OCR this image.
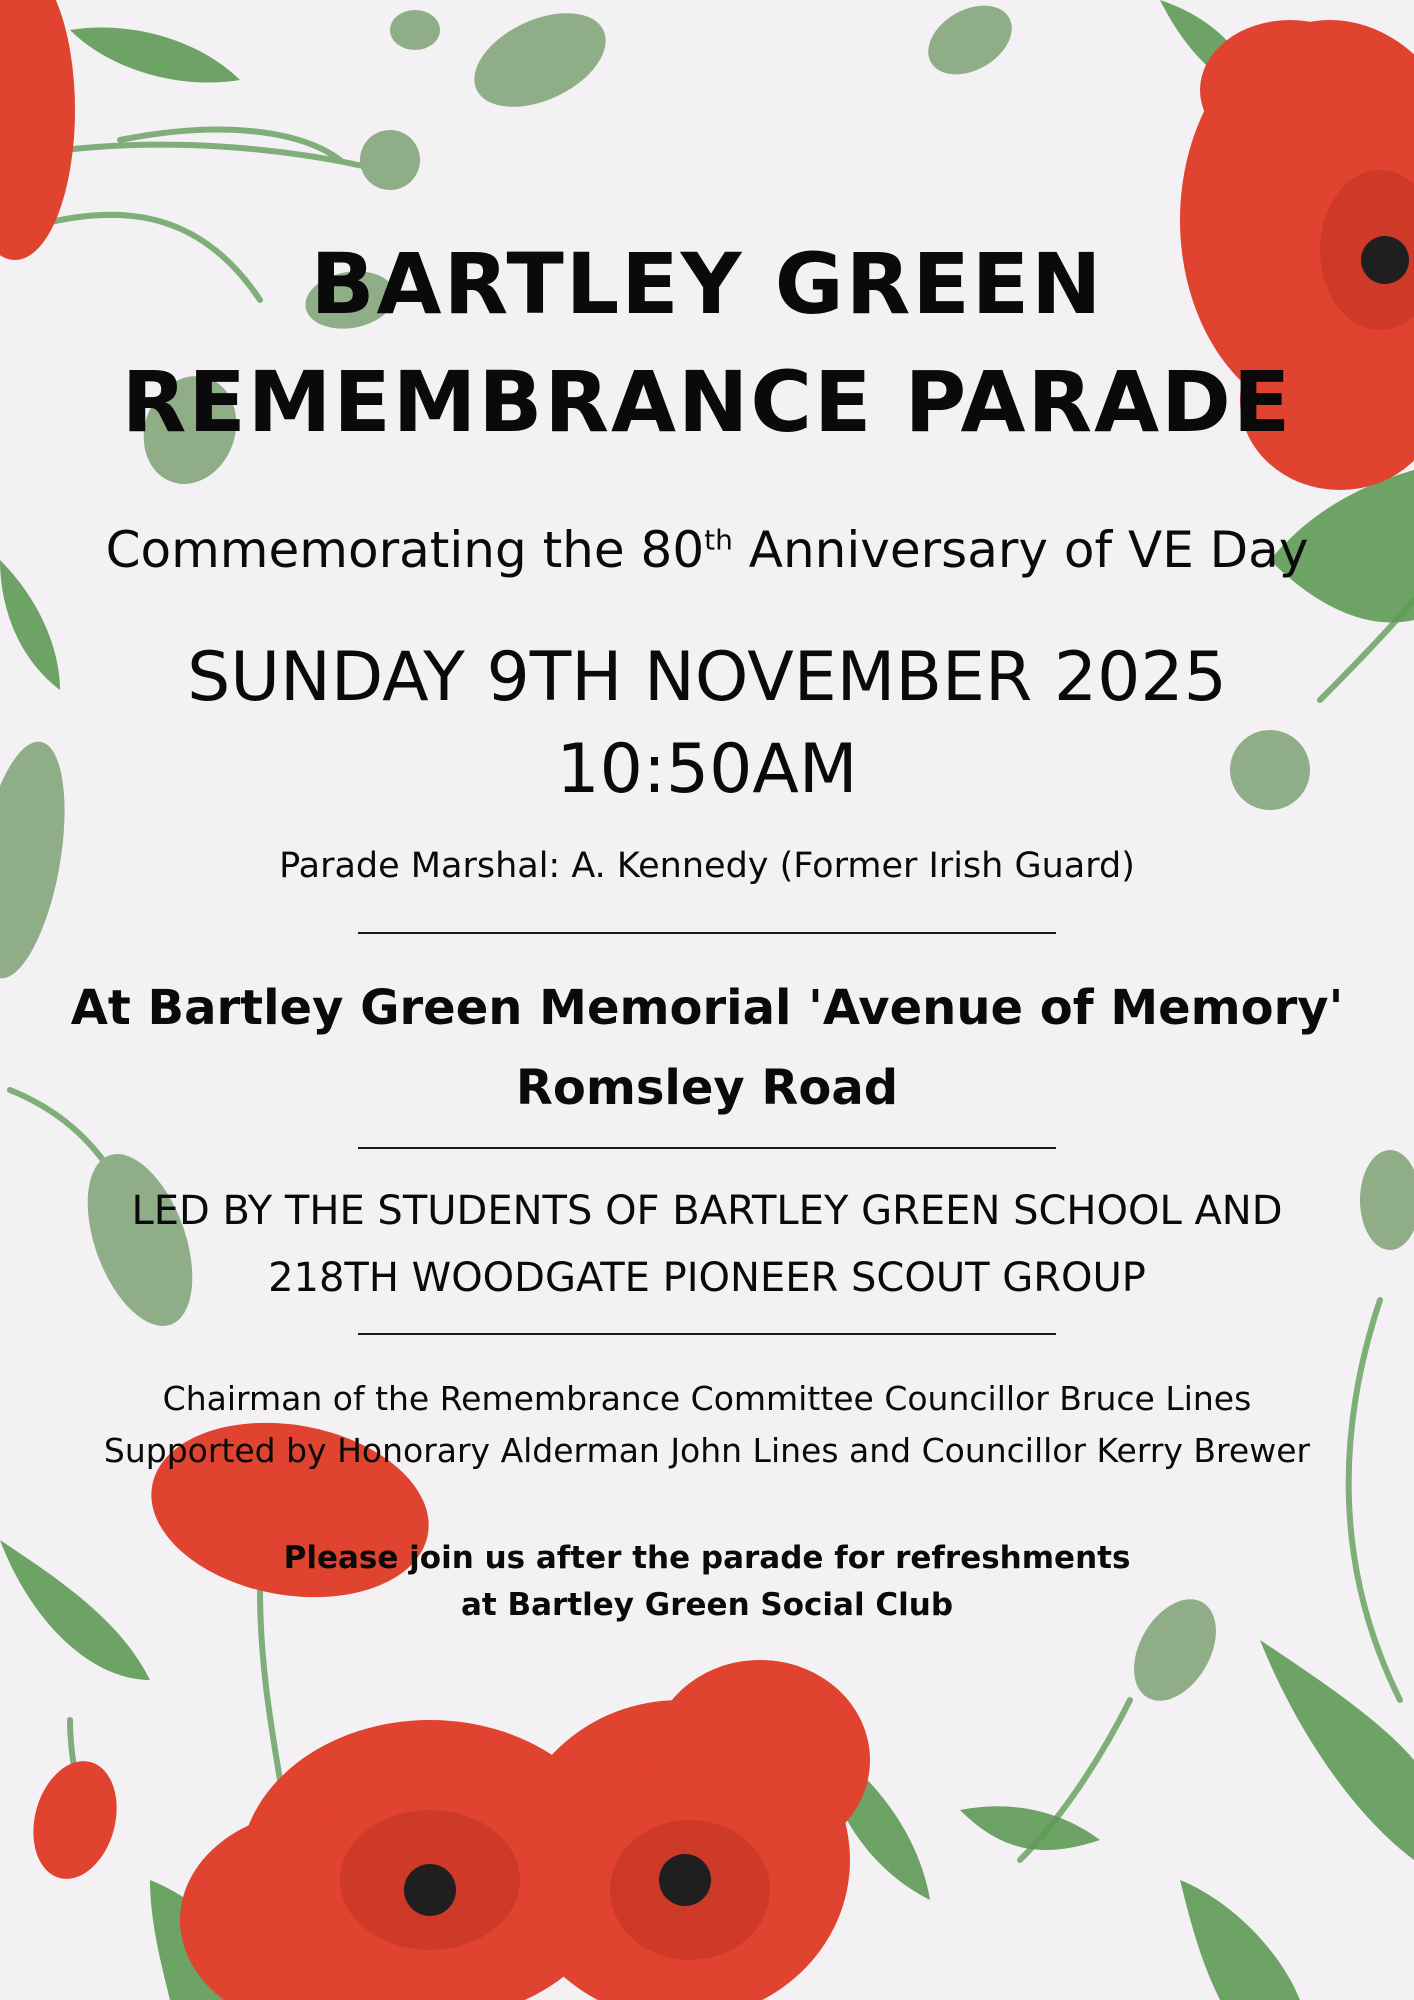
BARTLEY GREEN
REMEMBRANCE PARADE
Commemorating the 80th Anniversary of VE Day
SUNDAY 9TH NOVEMBER 2025
10:50AM
Parade Marshal: A. Kennedy (Former Irish Guard)
At Bartley Green Memorial 'Avenue of Memory'
Romsley Road
LED BY THE STUDENTS OF BARTLEY GREEN SCHOOL AND
218TH WOODGATE PIONEER SCOUT GROUP
Chairman of the Remembrance Committee Councillor Bruce Lines
Supported by Honorary Alderman John Lines and Councillor Kerry Brewer
Please join us after the parade for refreshments
at Bartley Green Social Club
